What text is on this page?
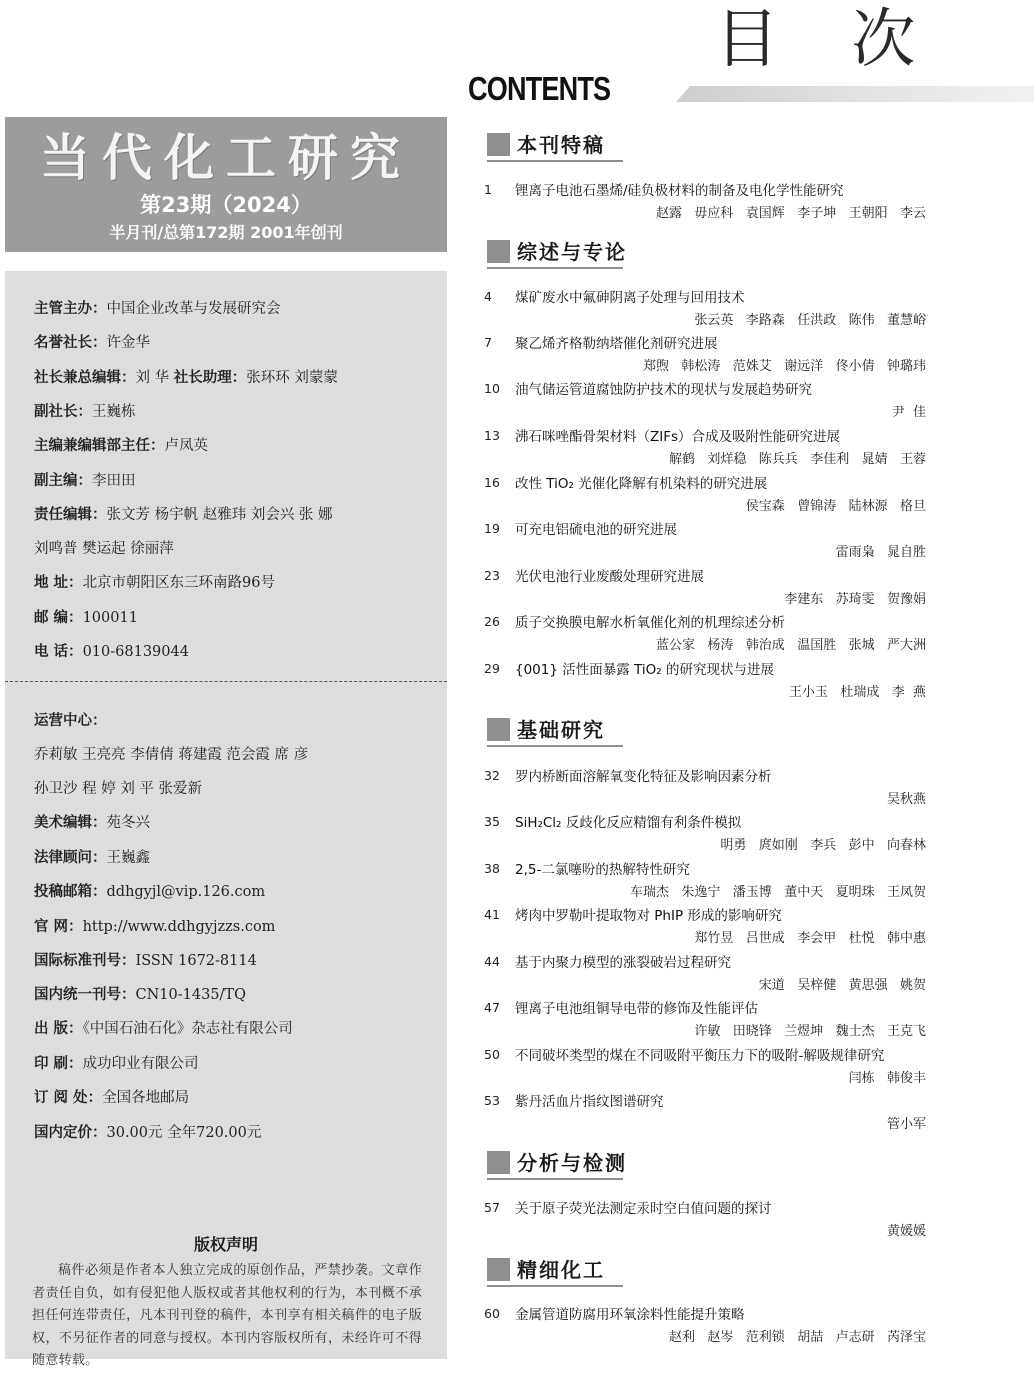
目 次
CONTENTS
当代化工研究
第23期（2024）
半月刊/总第172期 2001年创刊
主管主办：中国企业改革与发展研究会
名誉社长：许金华
社长兼总编辑：刘 华 社长助理：张环环 刘蒙蒙
副社长：王巍栋
主编兼编辑部主任：卢凤英
副主编：李田田
责任编辑：张文芳 杨宇帆 赵雅玮 刘会兴 张 娜
刘鸣普 樊运起 徐丽萍
地 址：北京市朝阳区东三环南路96号
邮 编：100011
电 话：010-68139044
运营中心：
乔莉敏 王亮亮 李倩倩 蒋建霞 范会霞 席 彦
孙卫沙 程 婷 刘 平 张爱新
美术编辑：苑冬兴
法律顾问：王巍鑫
投稿邮箱：ddhgyjl@vip.126.com
官 网：http://www.ddhgyjzzs.com
国际标准刊号：ISSN 1672-8114
国内统一刊号：CN10-1435/TQ
出 版：《中国石油石化》杂志社有限公司
印 刷：成功印业有限公司
订 阅 处：全国各地邮局
国内定价：30.00元 全年720.00元
版权声明
稿件必须是作者本人独立完成的原创作品，严禁抄袭。文章作者责任自负，如有侵犯他人版权或者其他权利的行为，本刊概不承担任何连带责任，凡本刊刊登的稿件，本刊享有相关稿件的电子版权，不另征作者的同意与授权。本刊内容版权所有，未经许可不得随意转载。
本刊特稿
1	锂离子电池石墨烯/硅负极材料的制备及电化学性能研究
赵露   毋应科   袁国辉   李子坤   王朝阳   李云
综述与专论
4	煤矿废水中氟砷阴离子处理与回用技术
张云英   李路森   任洪政   陈伟   董慧峪
7	聚乙烯齐格勒纳塔催化剂研究进展
郑煦   韩松涛   范姝艾   谢远洋   佟小倩   钟璐玮
10	油气储运管道腐蚀防护技术的现状与发展趋势研究
尹  佳
13	沸石咪唑酯骨架材料（ZIFs）合成及吸附性能研究进展
解鹤   刘烊稳   陈兵兵   李佳利   晁婧   王蓉
16	改性 TiO₂ 光催化降解有机染料的研究进展
侯宝森   曾锦涛   陆林源   格旦
19	可充电铝硫电池的研究进展
雷雨枭   晁自胜
23	光伏电池行业废酸处理研究进展
李建东   苏琦雯   贺豫娟
26	质子交换膜电解水析氧催化剂的机理综述分析
蓝公家   杨涛   韩治成   温国胜   张城   严大洲
29	{001} 活性面暴露 TiO₂ 的研究现状与进展
王小玉   杜瑞成   李  燕
基础研究
32	罗内桥断面溶解氧变化特征及影响因素分析
吴秋燕
35	SiH₂Cl₂ 反歧化反应精馏有利条件模拟
明勇   庹如刚   李兵   彭中   向春林
38	2,5-二氯噻吩的热解特性研究
车瑞杰   朱逸宁   潘玉博   董中天   夏明珠   王凤贺
41	烤肉中罗勒叶提取物对 PhIP 形成的影响研究
郑竹昱   吕世成   李会甲   杜悦   韩中惠
44	基于内聚力模型的涨裂破岩过程研究
宋道   吴梓健   黄思强   姚贺
47	锂离子电池组铜导电带的修饰及性能评估
许敏   田晓锋   兰煜坤   魏士杰   王克飞
50	不同破坏类型的煤在不同吸附平衡压力下的吸附-解吸规律研究
闫栋   韩俊丰
53	紫丹活血片指纹图谱研究
管小军
分析与检测
57	关于原子荧光法测定汞时空白值问题的探讨
黄媛媛
精细化工
60	金属管道防腐用环氧涂料性能提升策略
赵利   赵岑   范利锁   胡喆   卢志研   芮泽宝
